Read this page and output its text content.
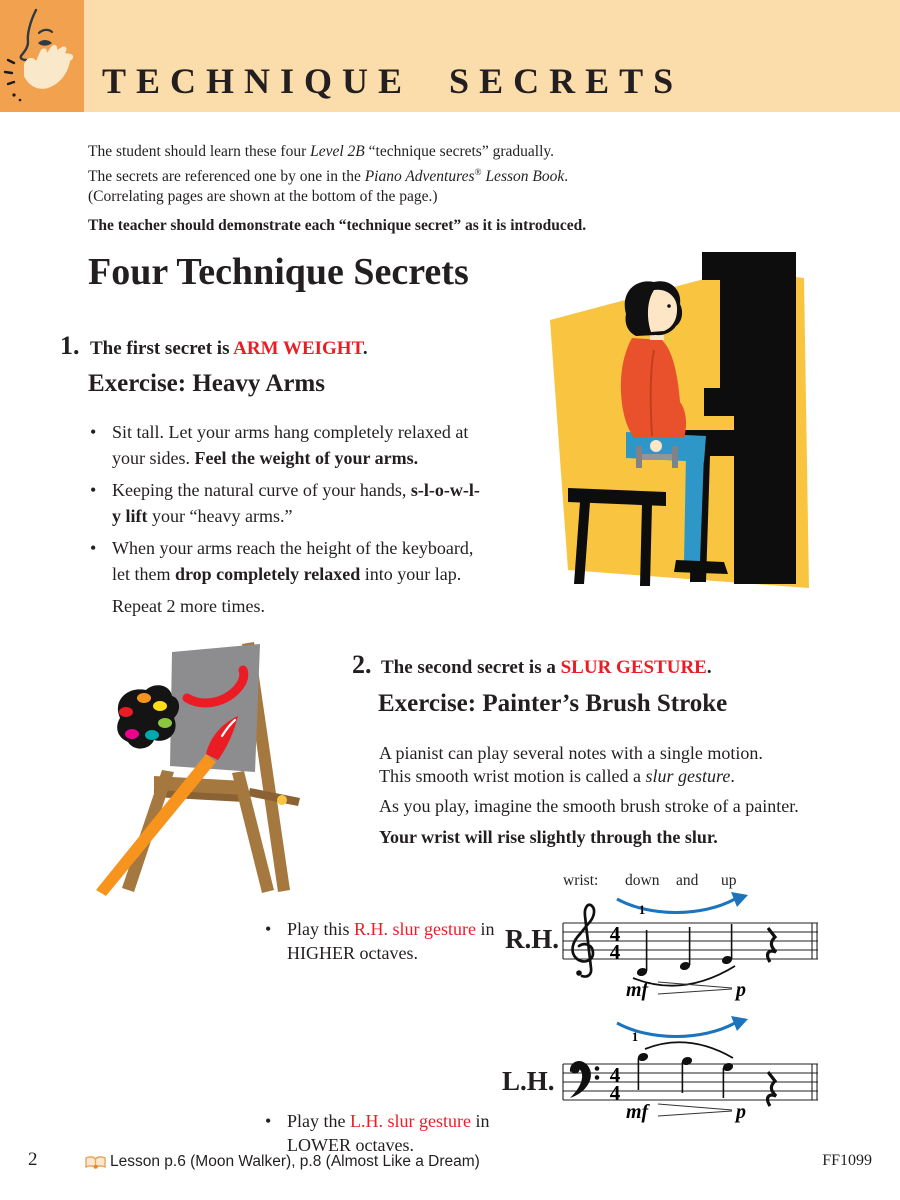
TECHNIQUE SECRETS

The student should learn these four Level 2B “technique secrets” gradually.

The secrets are referenced one by one in the Piano Adventures® Lesson Book.

(Correlating pages are shown at the bottom of the page.)

The teacher should demonstrate each “technique secret” as it is introduced.

Four Technique Secrets
1. The first secret is ARM WEIGHT.
Exercise: Heavy Arms
• Sit tall. Let your arms hang completely relaxed at your sides. Feel the weight of your arms.
• Keeping the natural curve of your hands, s-l-o-w-l-y lift your “heavy arms.”
• When your arms reach the height of the keyboard, let them drop completely relaxed into your lap.
Repeat 2 more times.
2. The second secret is a SLUR GESTURE.
Exercise: Painter’s Brush Stroke

A pianist can play several notes with a single motion.

This smooth wrist motion is called a slur gesture.

As you play, imagine the smooth brush stroke of a painter.

Your wrist will rise slightly through the slur.

wrist: down and up
• Play this R.H. slur gesture in HIGHER octaves.	R.H. 4
4
1
mf	p
• Play the L.H. slur gesture in LOWER octaves.
L.H.	4
4
1
mf	p
2	Lesson p.6 (Moon Walker), p.8 (Almost Like a Dream)	FF1099
